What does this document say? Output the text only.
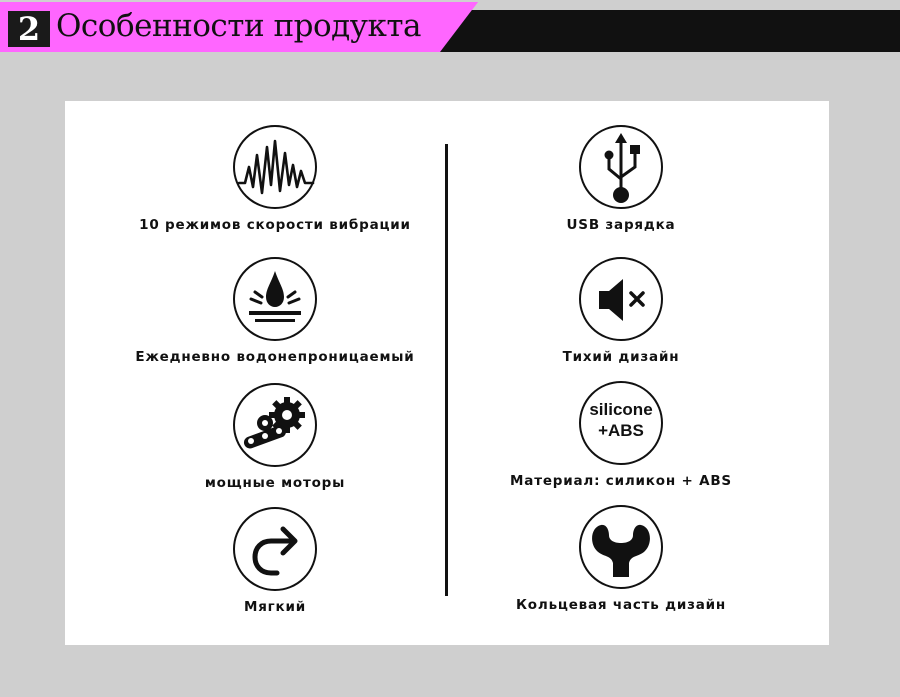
2 Особенности продукта
10 режимов скорости вибрации
Ежедневно водонепроницаемый
мощные моторы
Мягкий
USB зарядка
Тихий дизайн
silicone
+ABS
Материал: силикон + ABS
Кольцевая часть дизайн
